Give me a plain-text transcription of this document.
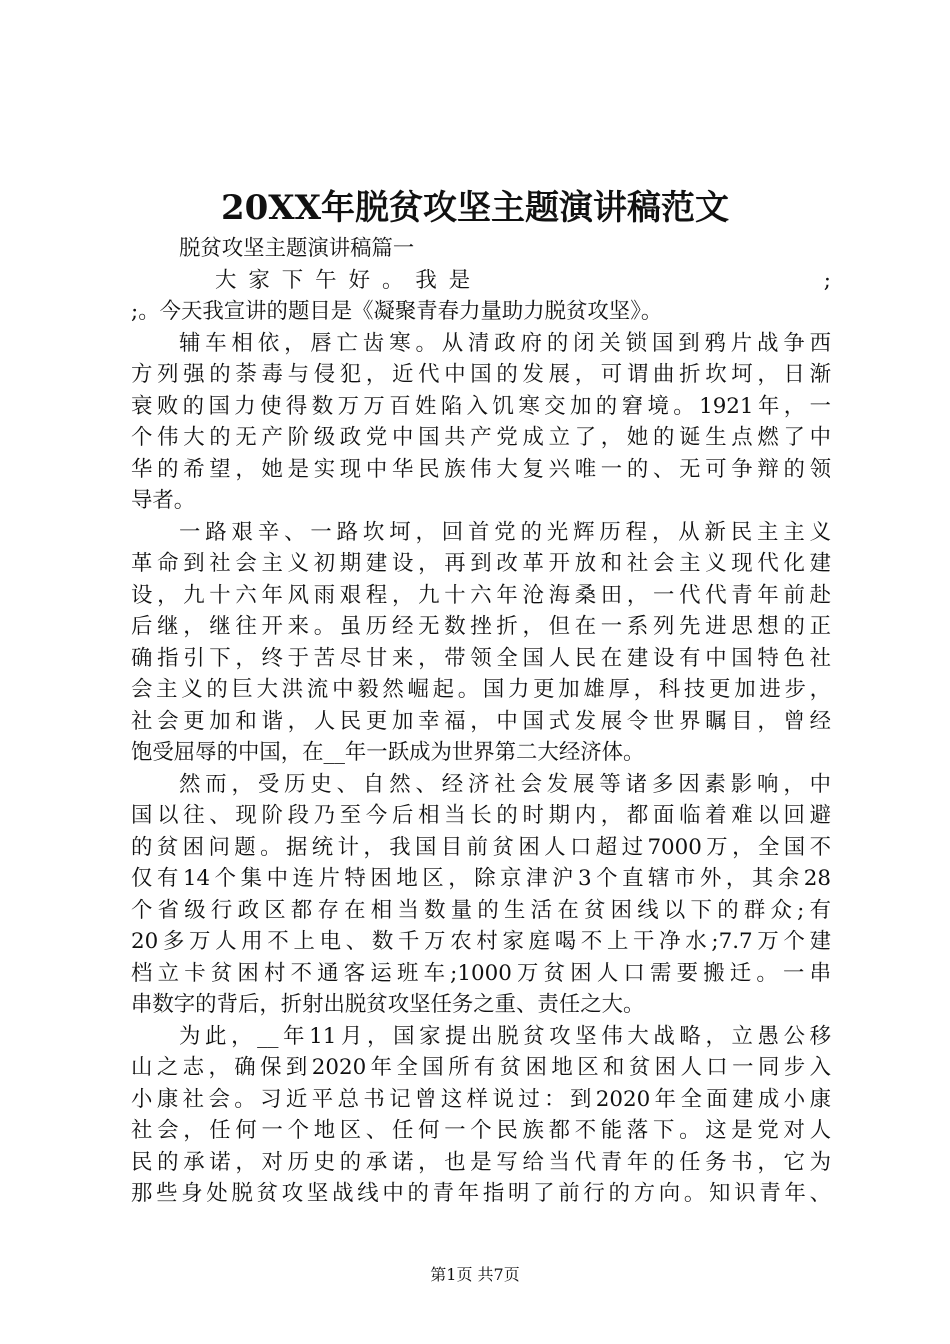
20XX年脱贫攻坚主题演讲稿范文
脱贫攻坚主题演讲稿篇一
大家下午好。我是	;
;。今天我宣讲的题目是《凝聚青春力量助力脱贫攻坚》。
辅车相依，唇亡齿寒。从清政府的闭关锁国到鸦片战争西
方列强的荼毒与侵犯，近代中国的发展，可谓曲折坎坷，日渐
衰败的国力使得数万万百姓陷入饥寒交加的窘境。1921年，一
个伟大的无产阶级政党中国共产党成立了，她的诞生点燃了中
华的希望，她是实现中华民族伟大复兴唯一的、无可争辩的领
导者。
一路艰辛、一路坎坷，回首党的光辉历程，从新民主主义
革命到社会主义初期建设，再到改革开放和社会主义现代化建
设，九十六年风雨艰程，九十六年沧海桑田，一代代青年前赴
后继，继往开来。虽历经无数挫折，但在一系列先进思想的正
确指引下，终于苦尽甘来，带领全国人民在建设有中国特色社
会主义的巨大洪流中毅然崛起。国力更加雄厚，科技更加进步，
社会更加和谐，人民更加幸福，中国式发展令世界瞩目，曾经
饱受屈辱的中国，在__年一跃成为世界第二大经济体。
然而，受历史、自然、经济社会发展等诸多因素影响，中
国以往、现阶段乃至今后相当长的时期内，都面临着难以回避
的贫困问题。据统计，我国目前贫困人口超过7000万，全国不
仅有14个集中连片特困地区，除京津沪3个直辖市外，其余28
个省级行政区都存在相当数量的生活在贫困线以下的群众;有
20多万人用不上电、数千万农村家庭喝不上干净水;7.7万个建
档立卡贫困村不通客运班车;1000万贫困人口需要搬迁。一串
串数字的背后，折射出脱贫攻坚任务之重、责任之大。
为此，__年11月，国家提出脱贫攻坚伟大战略，立愚公移
山之志，确保到2020年全国所有贫困地区和贫困人口一同步入
小康社会。习近平总书记曾这样说过：到2020年全面建成小康
社会，任何一个地区、任何一个民族都不能落下。这是党对人
民的承诺，对历史的承诺，也是写给当代青年的任务书，它为
那些身处脱贫攻坚战线中的青年指明了前行的方向。知识青年、
第1页 共7页
